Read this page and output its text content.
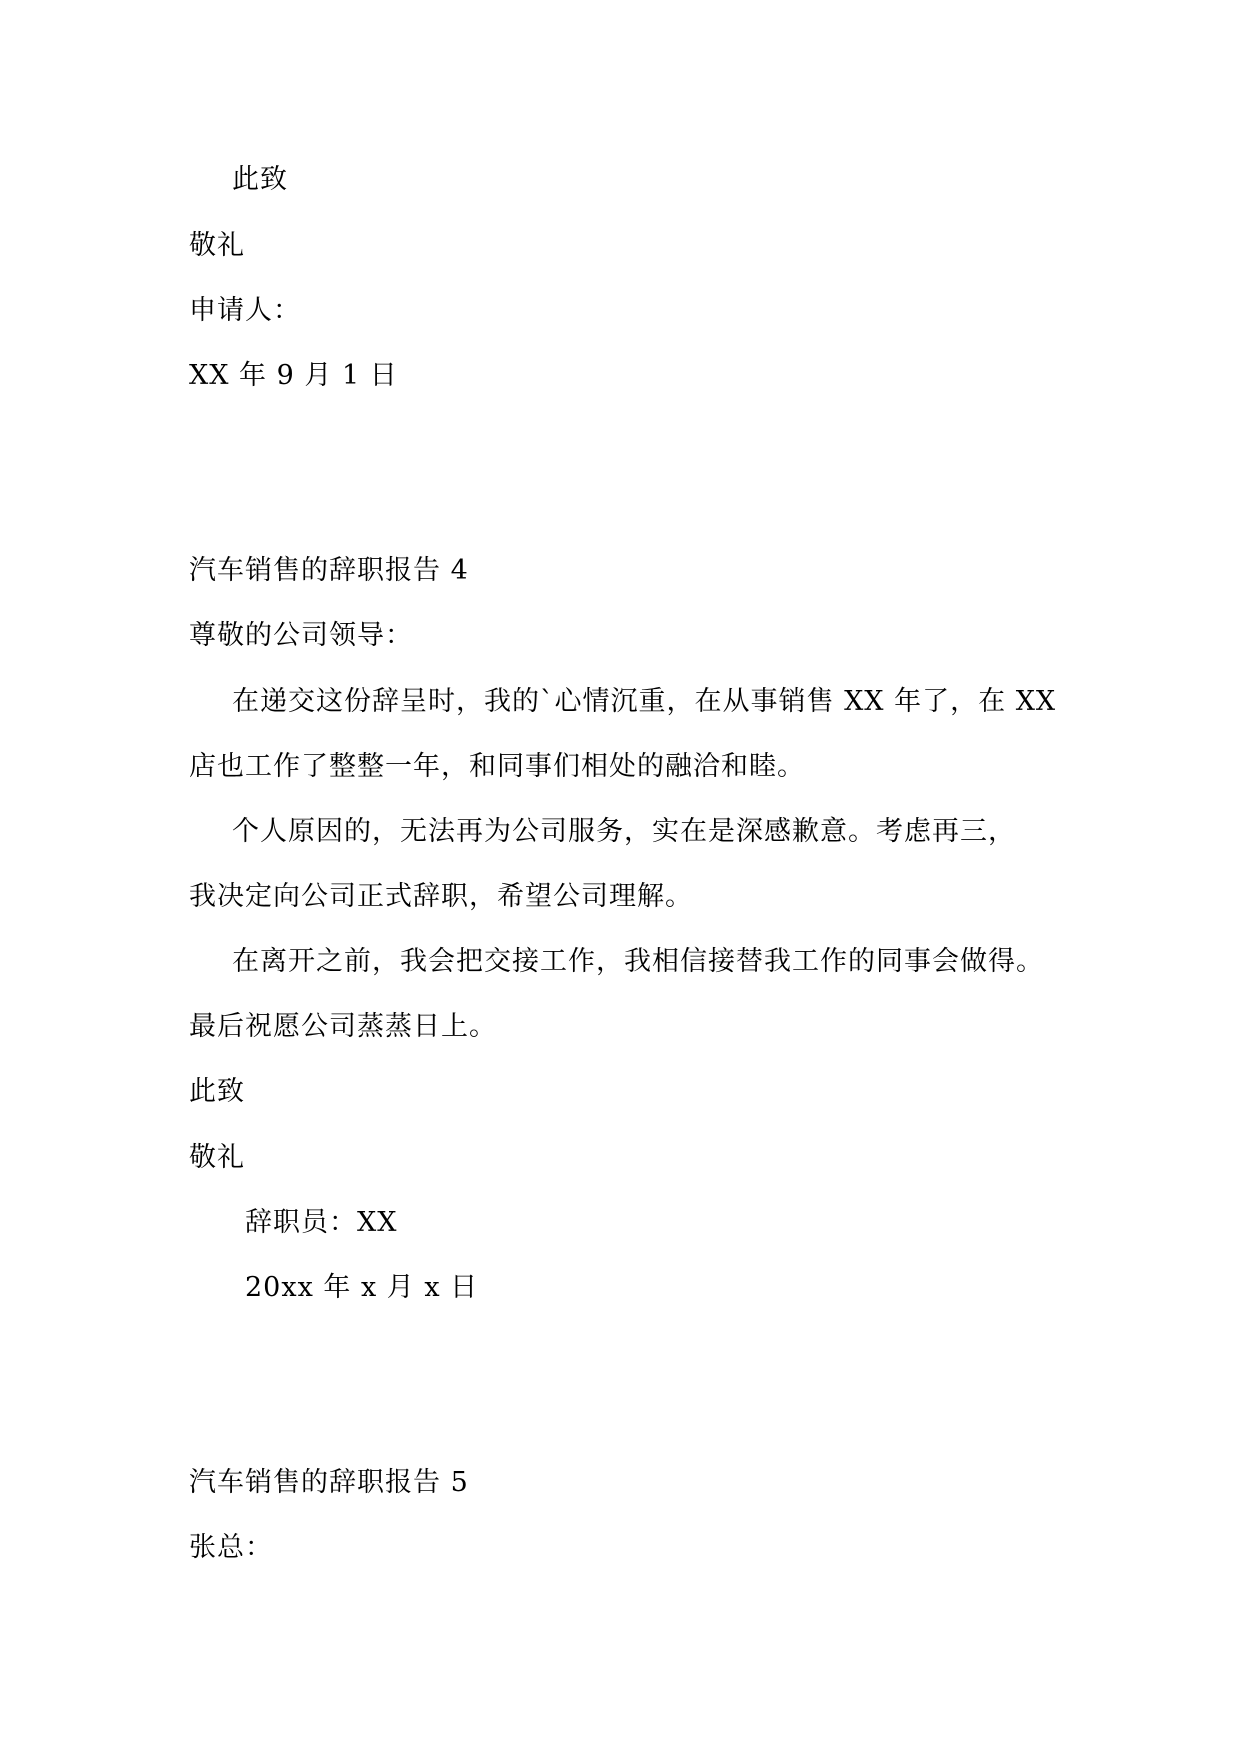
此致
敬礼
申请人：
XX 年 9 月 1 日
汽车销售的辞职报告 4
尊敬的公司领导：
在递交这份辞呈时，我的`心情沉重，在从事销售 XX 年了，在 XX
店也工作了整整一年，和同事们相处的融洽和睦。
个人原因的，无法再为公司服务，实在是深感歉意。考虑再三，
我决定向公司正式辞职，希望公司理解。
在离开之前，我会把交接工作，我相信接替我工作的同事会做得。
最后祝愿公司蒸蒸日上。
此致
敬礼
辞职员：XX
20xx 年 x 月 x 日
汽车销售的辞职报告 5
张总：
